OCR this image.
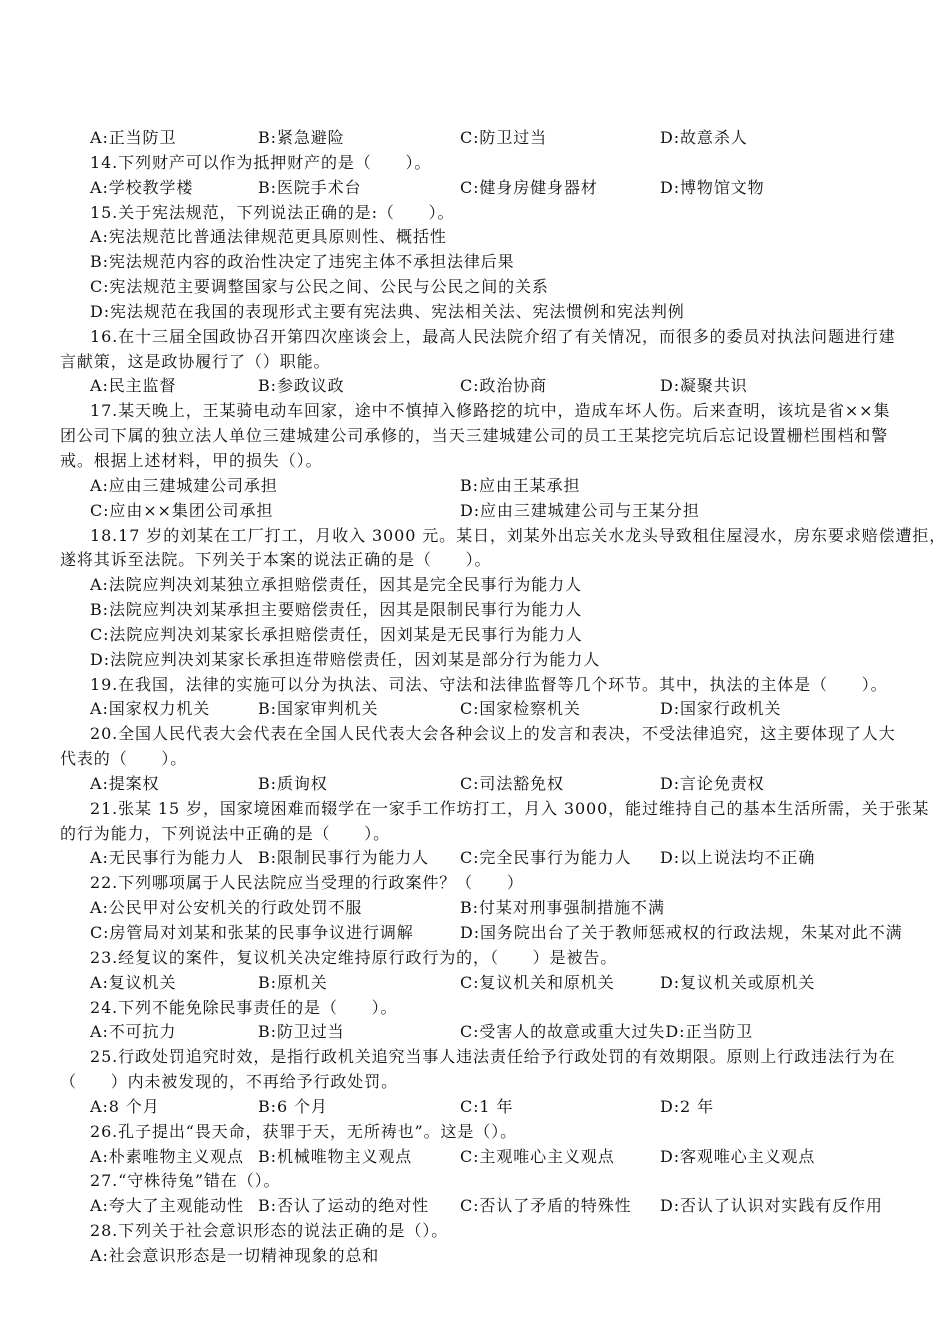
A:正当防卫	B:紧急避险	C:防卫过当	D:故意杀人
14.下列财产可以作为抵押财产的是（　　）。
A:学校教学楼	B:医院手术台	C:健身房健身器材	D:博物馆文物
15.关于宪法规范，下列说法正确的是:（　　）。
A:宪法规范比普通法律规范更具原则性、概括性
B:宪法规范内容的政治性决定了违宪主体不承担法律后果
C:宪法规范主要调整国家与公民之间、公民与公民之间的关系
D:宪法规范在我国的表现形式主要有宪法典、宪法相关法、宪法惯例和宪法判例
16.在十三届全国政协召开第四次座谈会上，最高人民法院介绍了有关情况，而很多的委员对执法问题进行建
言献策，这是政协履行了（）职能。
A:民主监督	B:参政议政	C:政治协商	D:凝聚共识
17.某天晚上，王某骑电动车回家，途中不慎掉入修路挖的坑中，造成车坏人伤。后来查明，该坑是省××集
团公司下属的独立法人单位三建城建公司承修的，当天三建城建公司的员工王某挖完坑后忘记设置栅栏围档和警
戒。根据上述材料，甲的损失（）。
A:应由三建城建公司承担	B:应由王某承担
C:应由××集团公司承担	D:应由三建城建公司与王某分担
18.17 岁的刘某在工厂打工，月收入 3000 元。某日，刘某外出忘关水龙头导致租住屋浸水，房东要求赔偿遭拒，
遂将其诉至法院。下列关于本案的说法正确的是（　　）。
A:法院应判决刘某独立承担赔偿责任，因其是完全民事行为能力人
B:法院应判决刘某承担主要赔偿责任，因其是限制民事行为能力人
C:法院应判决刘某家长承担赔偿责任，因刘某是无民事行为能力人
D:法院应判决刘某家长承担连带赔偿责任，因刘某是部分行为能力人
19.在我国，法律的实施可以分为执法、司法、守法和法律监督等几个环节。其中，执法的主体是（　　）。
A:国家权力机关	B:国家审判机关	C:国家检察机关	D:国家行政机关
20.全国人民代表大会代表在全国人民代表大会各种会议上的发言和表决，不受法律追究，这主要体现了人大
代表的（　　）。
A:提案权	B:质询权	C:司法豁免权	D:言论免责权
21.张某 15 岁，国家境困难而辍学在一家手工作坊打工，月入 3000，能过维持自己的基本生活所需，关于张某
的行为能力，下列说法中正确的是（　　）。
A:无民事行为能力人 B:限制民事行为能力人 C:完全民事行为能力人 D:以上说法均不正确
22.下列哪项属于人民法院应当受理的行政案件？（　　）
A:公民甲对公安机关的行政处罚不服	B:付某对刑事强制措施不满
C:房管局对刘某和张某的民事争议进行调解	D:国务院出台了关于教师惩戒权的行政法规，朱某对此不满
23.经复议的案件，复议机关决定维持原行政行为的，（　　）是被告。
A:复议机关	B:原机关	C:复议机关和原机关	D:复议机关或原机关
24.下列不能免除民事责任的是（　　）。
A:不可抗力	B:防卫过当	C:受害人的故意或重大过失D:正当防卫
25.行政处罚追究时效，是指行政机关追究当事人违法责任给予行政处罚的有效期限。原则上行政违法行为在
（　　）内未被发现的，不再给予行政处罚。
A:8 个月	B:6 个月	C:1 年	D:2 年
26.孔子提出“畏天命，获罪于天，无所祷也”。这是（）。
A:朴素唯物主义观点 B:机械唯物主义观点	C:主观唯心主义观点	D:客观唯心主义观点
27.“守株待兔”错在（）。
A:夸大了主观能动性 B:否认了运动的绝对性 C:否认了矛盾的特殊性 D:否认了认识对实践有反作用
28.下列关于社会意识形态的说法正确的是（）。
A:社会意识形态是一切精神现象的总和
